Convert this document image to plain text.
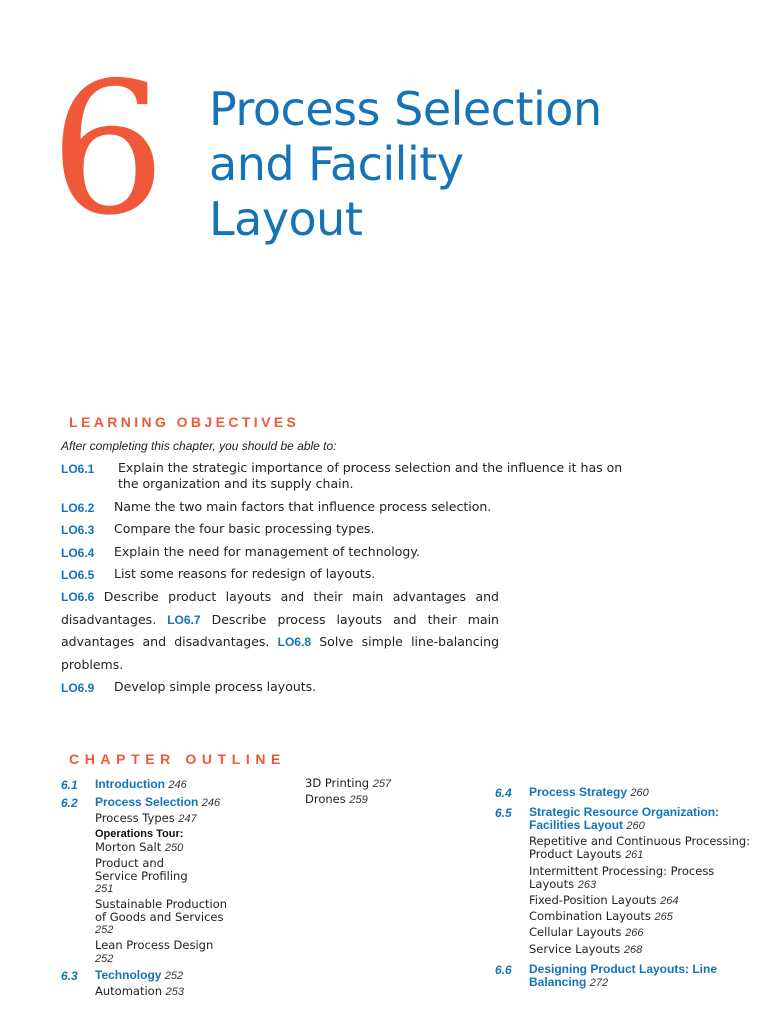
6 Process Selection
and Facility
Layout
LEARNING OBJECTIVES
After completing this chapter, you should be able to:
LO6.1	Explain the strategic importance of process selection and the influence it has on the organization and its supply chain.
LO6.2	Name the two main factors that influence process selection.
LO6.3	Compare the four basic processing types.
LO6.4	Explain the need for management of technology.
LO6.5	List some reasons for redesign of layouts.
LO6.6 Describe product layouts and their main advantages and disadvantages. LO6.7 Describe process layouts and their main advantages and disadvantages. LO6.8 Solve simple line-balancing problems.
LO6.9	Develop simple process layouts.
CHAPTER OUTLINE
6.1 Introduction 246
6.2 Process Selection 246
Process Types 247
Operations Tour:
Morton Salt 250
Product and
Service Profiling
251
Sustainable Production
of Goods and Services
252
Lean Process Design
252
6.3 Technology 252
Automation 253
3D Printing 257
Drones 259	6.4 Process Strategy 260
6.5 Strategic Resource Organization:
Facilities Layout 260
Repetitive and Continuous Processing:
Product Layouts 261
Intermittent Processing: Process
Layouts 263
Fixed-Position Layouts 264
Combination Layouts 265
Cellular Layouts 266
Service Layouts 268
6.6 Designing Product Layouts: Line
Balancing 272
